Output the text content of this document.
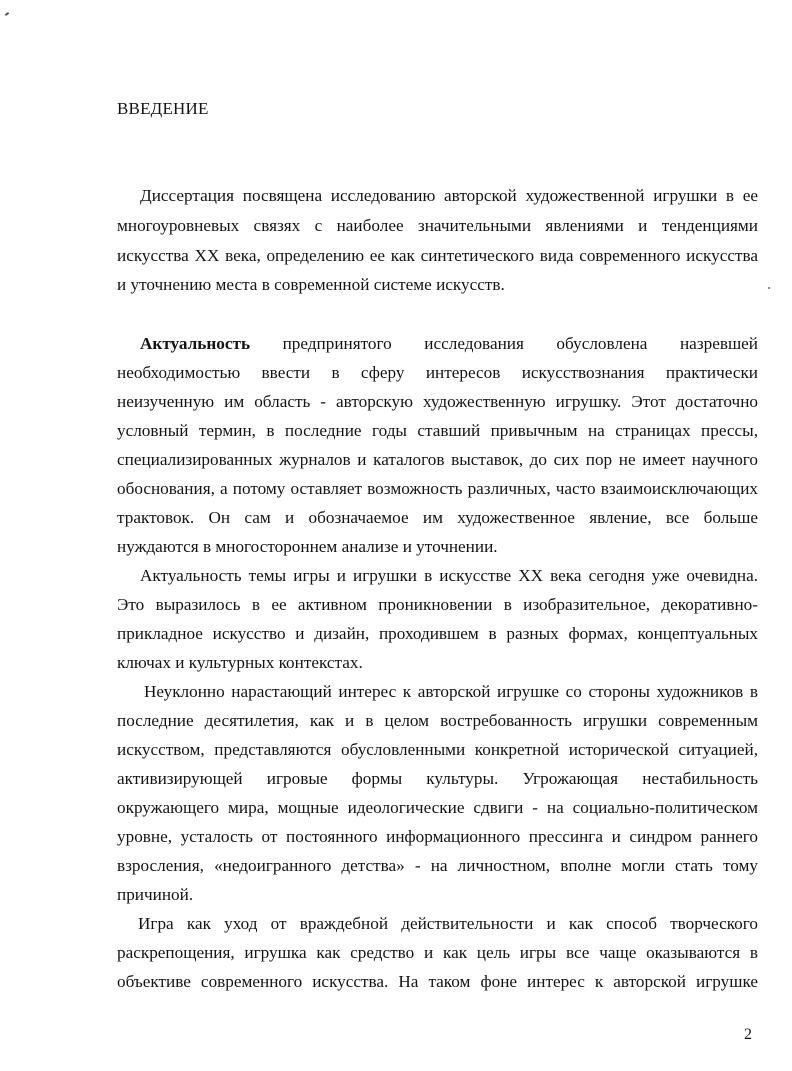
ВВЕДЕНИЕ
Диссертация посвящена исследованию авторской художественной игрушки в ее
многоуровневых связях с наиболее значительными явлениями и тенденциями
искусства XX века, определению ее как синтетического вида современного искусства
и уточнению места в современной системе искусств.
Актуальность предпринятого исследования обусловлена назревшей
необходимостью ввести в сферу интересов искусствознания практически
неизученную им область - авторскую художественную игрушку. Этот достаточно
условный термин, в последние годы ставший привычным на страницах прессы,
специализированных журналов и каталогов выставок, до сих пор не имеет научного
обоснования, а потому оставляет возможность различных, часто взаимоисключающих
трактовок. Он сам и обозначаемое им художественное явление, все больше
нуждаются в многостороннем анализе и уточнении.
Актуальность темы игры и игрушки в искусстве XX века сегодня уже очевидна.
Это выразилось в ее активном проникновении в изобразительное, декоративно-
прикладное искусство и дизайн, проходившем в разных формах, концептуальных
ключах и культурных контекстах.
Неуклонно нарастающий интерес к авторской игрушке со стороны художников в
последние десятилетия, как и в целом востребованность игрушки современным
искусством, представляются обусловленными конкретной исторической ситуацией,
активизирующей игровые формы культуры. Угрожающая нестабильность
окружающего мира, мощные идеологические сдвиги - на социально-политическом
уровне, усталость от постоянного информационного прессинга и синдром раннего
взросления, «недоигранного детства» - на личностном, вполне могли стать тому
причиной.
Игра как уход от враждебной действительности и как способ творческого
раскрепощения, игрушка как средство и как цель игры все чаще оказываются в
объективе современного искусства. На таком фоне интерес к авторской игрушке
2
